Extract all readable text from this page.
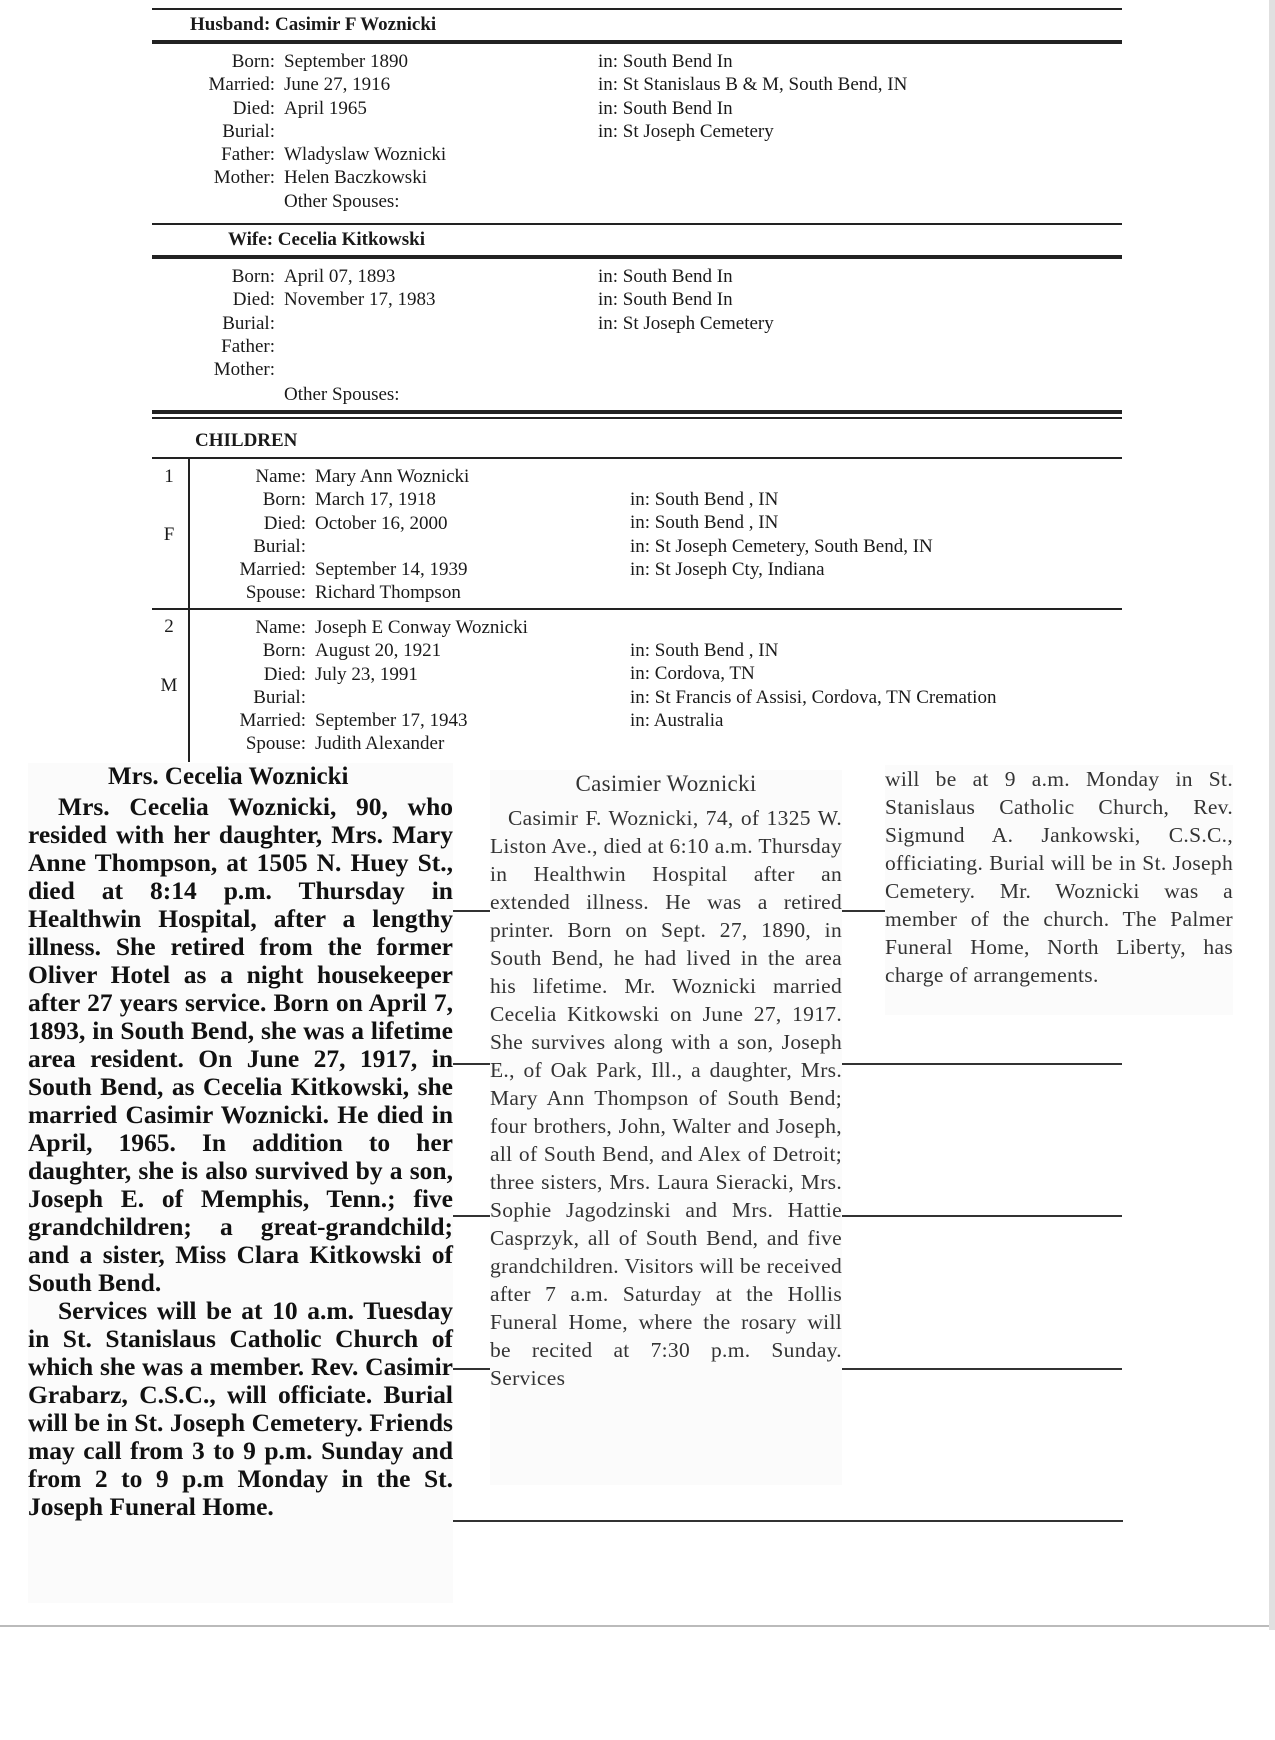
Husband: Casimir F Woznicki
Born:
Married:
Died:
Burial:
Father:
Mother:
September 1890
June 27, 1916
April 1965
Wladyslaw Woznicki
Helen Baczkowski
Other Spouses:
in: South Bend In
in: St Stanislaus B & M, South Bend, IN
in: South Bend In
in: St Joseph Cemetery
Wife: Cecelia Kitkowski
Born:
Died:
Burial:
Father:
Mother:
April 07, 1893
November 17, 1983
Other Spouses:
in: South Bend In
in: South Bend In
in: St Joseph Cemetery
CHILDREN
1
F
Name:
Born:
Died:
Burial:
Married:
Spouse:
Mary Ann Woznicki
March 17, 1918
October 16, 2000
September 14, 1939
Richard Thompson
in: South Bend , IN
in: South Bend , IN
in: St Joseph Cemetery, South Bend, IN
in: St Joseph Cty, Indiana
2
M
Name:
Born:
Died:
Burial:
Married:
Spouse:
Joseph E Conway Woznicki
August 20, 1921
July 23, 1991
September 17, 1943
Judith Alexander
in: South Bend , IN
in: Cordova, TN
in: St Francis of Assisi, Cordova, TN Cremation
in: Australia
Mrs. Cecelia Woznicki

Mrs. Cecelia Woznicki, 90, who resided with her daughter, Mrs. Mary Anne Thompson, at 1505 N. Huey St., died at 8:14 p.m. Thursday in Healthwin Hospital, after a lengthy illness. She retired from the former Oliver Hotel as a night housekeeper after 27 years service. Born on April 7, 1893, in South Bend, she was a lifetime area resident. On June 27, 1917, in South Bend, as Cecelia Kitkowski, she married Casimir Woznicki. He died in April, 1965. In addition to her daughter, she is also survived by a son, Joseph E. of Memphis, Tenn.; five grandchildren; a great-grandchild; and a sister, Miss Clara Kitkowski of South Bend.

Services will be at 10 a.m. Tuesday in St. Stanislaus Catholic Church of which she was a member. Rev. Casimir Grabarz, C.S.C., will officiate. Burial will be in St. Joseph Cemetery. Friends may call from 3 to 9 p.m. Sunday and from 2 to 9 p.m Monday in the St. Joseph Funeral Home.

Casimier Woznicki

Casimir F. Woznicki, 74, of 1325 W. Liston Ave., died at 6:10 a.m. Thursday in Healthwin Hospital after an extended illness. He was a retired printer. Born on Sept. 27, 1890, in South Bend, he had lived in the area his lifetime. Mr. Woznicki married Cecelia Kitkowski on June 27, 1917. She survives along with a son, Joseph E., of Oak Park, Ill., a daughter, Mrs. Mary Ann Thompson of South Bend; four brothers, John, Walter and Joseph, all of South Bend, and Alex of Detroit; three sisters, Mrs. Laura Sieracki, Mrs. Sophie Jagodzinski and Mrs. Hattie Casprzyk, all of South Bend, and five grandchildren. Visitors will be received after 7 a.m. Saturday at the Hollis Funeral Home, where the rosary will be recited at 7:30 p.m. Sunday. Services

will be at 9 a.m. Monday in St. Stanislaus Catholic Church, Rev. Sigmund A. Jankowski, C.S.C., officiating. Burial will be in St. Joseph Cemetery. Mr. Woznicki was a member of the church. The Palmer Funeral Home, North Liberty, has charge of arrangements.
